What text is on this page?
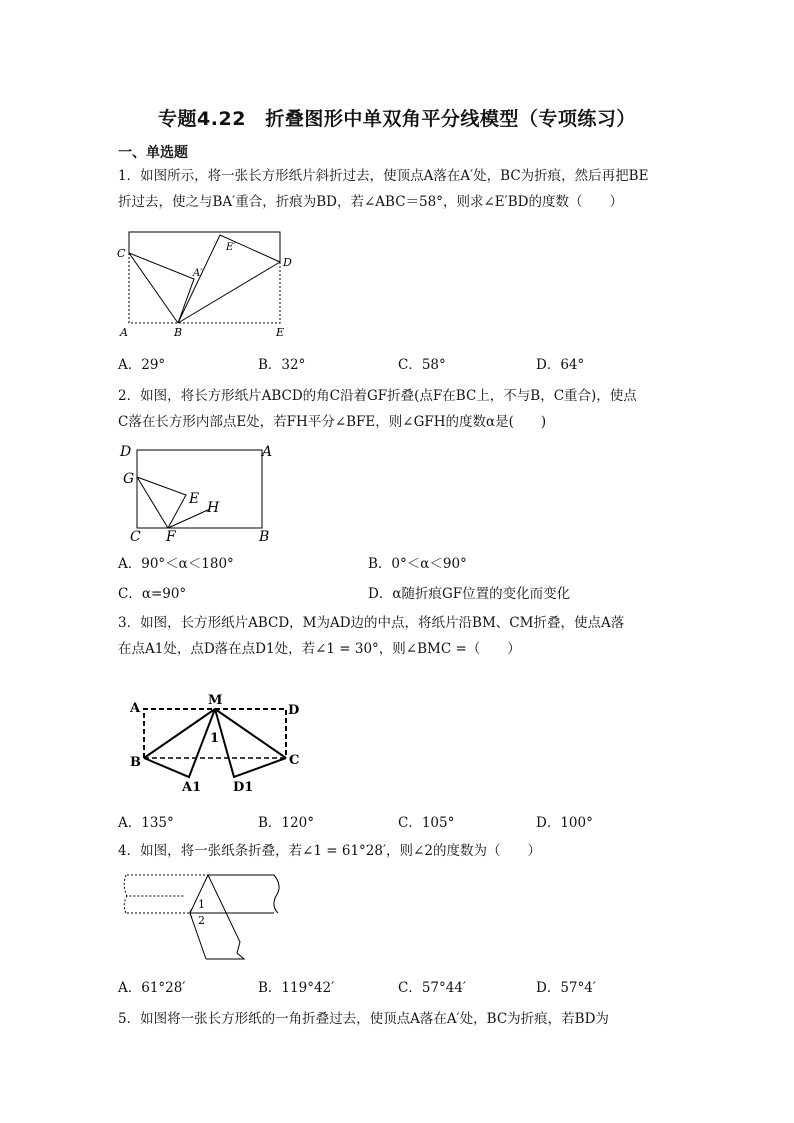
专题4.22　折叠图形中单双角平分线模型（专项练习）
一、单选题
1．如图所示，将一张长方形纸片斜折过去，使顶点A落在A′处，BC为折痕，然后再把BE
折过去，使之与BA′重合，折痕为BD，若∠ABC＝58°，则求∠E′BD的度数（　　）
C
A′
E′
D
A	B	E
A．29°	B．32°	C．58°	D．64°
2．如图，将长方形纸片ABCD的角C沿着GF折叠(点F在BC上，不与B，C重合)，使点
C落在长方形内部点E处，若FH平分∠BFE，则∠GFH的度数α是(　　)
D	A
G
E
H
C F	B
A．90°＜α＜180°	B．0°＜α＜90°
C．α=90°	D．α随折痕GF位置的变化而变化
3．如图，长方形纸片ABCD，M为AD边的中点，将纸片沿BM、CM折叠，使点A落
在点A1处，点D落在点D1处，若∠1 = 30°，则∠BMC =（　　）
M
A	D
1
B	C
A1 D1
A．135°	B．120°	C．105°	D．100°
4．如图，将一张纸条折叠，若∠1 = 61°28′，则∠2的度数为（　　）
1
2
A．61°28′	B．119°42′	C．57°44′	D．57°4′
5．如图将一张长方形纸的一角折叠过去，使顶点A落在A′处，BC为折痕，若BD为
